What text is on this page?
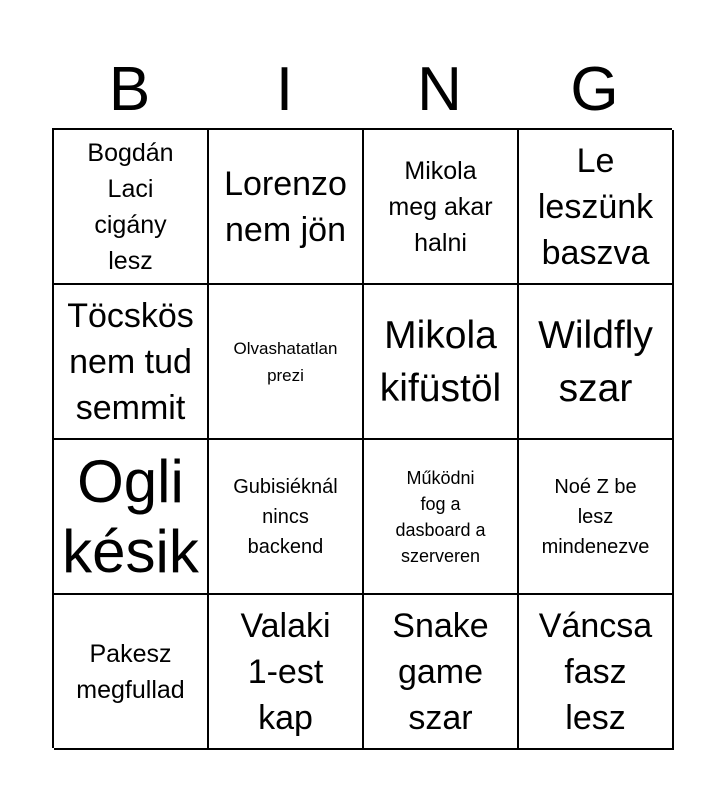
B	I	N	G
Bogdán
Laci
cigány
lesz
Lorenzo
nem jön
Mikola
meg akar
halni
Le
leszünk
baszva
Töcskös
nem tud
semmit
Olvashatatlan
prezi
Mikola
kifüstöl
Wildfly
szar
Ogli
késik
Gubisiéknál
nincs
backend
Működni
fog a
dasboard a
szerveren
Noé Z be
lesz
mindenezve
Pakesz
megfullad
Valaki
1-est
kap
Snake
game
szar
Váncsa
fasz
lesz
